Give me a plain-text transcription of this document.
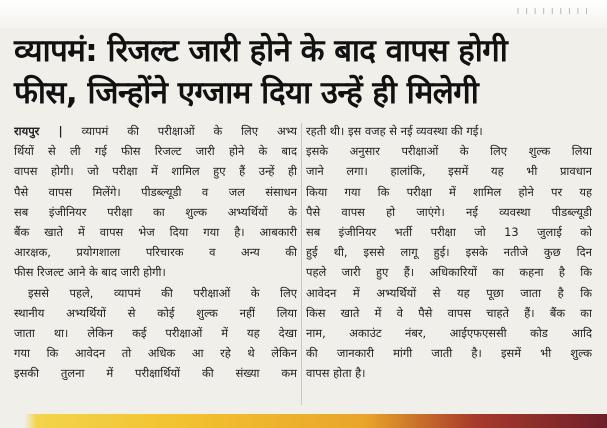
ı ı ı ı ı ı ı ı ı
व्यापमं: रिजल्ट जारी होने के बाद वापस होगी
फीस, जिन्होंने एग्जाम दिया उन्हें ही मिलेगी
रायपुर | व्यापमं की परीक्षाओं के लिए अभ्य
र्थियों से ली गई फीस रिजल्ट जारी होने के बाद
वापस होगी। जो परीक्षा में शामिल हुए हैं उन्हें ही
पैसे वापस मिलेंगे। पीडब्ल्यूडी व जल संसाधन
सब इंजीनियर परीक्षा का शुल्क अभ्यर्थियों के
बैंक खाते में वापस भेज दिया गया है। आबकारी
आरक्षक, प्रयोगशाला परिचारक व अन्य की
फीस रिजल्ट आने के बाद जारी होगी।
इससे पहले, व्यापमं की परीक्षाओं के लिए
स्थानीय अभ्यर्थियों से कोई शुल्क नहीं लिया
जाता था। लेकिन कई परीक्षाओं में यह देखा
गया कि आवेदन तो अधिक आ रहे थे लेकिन
इसकी तुलना में परीक्षार्थियों की संख्या कम
रहती थी। इस वजह से नई व्यवस्था की गई।
इसके अनुसार परीक्षाओं के लिए शुल्क लिया
जाने लगा। हालांकि, इसमें यह भी प्रावधान
किया गया कि परीक्षा में शामिल होने पर यह
पैसे वापस हो जाएंगे। नई व्यवस्था पीडब्ल्यूडी
सब इंजीनियर भर्ती परीक्षा जो 13 जुलाई को
हुई थी, इससे लागू हुई। इसके नतीजे कुछ दिन
पहले जारी हुए हैं। अधिकारियों का कहना है कि
आवेदन में अभ्यर्थियों से यह पूछा जाता है कि
किस खाते में वे पैसे वापस चाहते हैं। बैंक का
नाम, अकाउंट नंबर, आईएफएससी कोड आदि
की जानकारी मांगी जाती है। इसमें भी शुल्क
वापस होता है।
